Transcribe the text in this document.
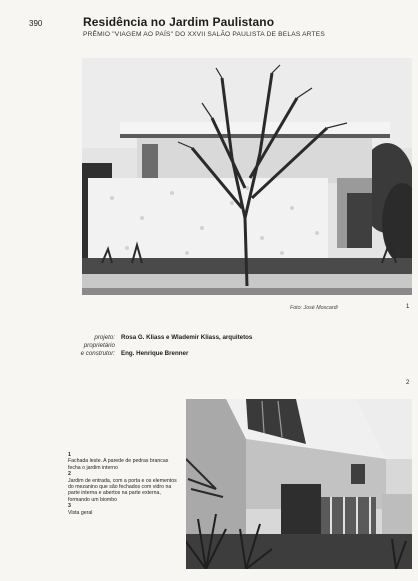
390	Residência no Jardim Paulistano
PRÊMIO "VIAGEM AO PAÍS" DO XXVII SALÃO PAULISTA DE BELAS ARTES
Foto: José Moscardi	1
2
projeto: Rosa G. Kliass e Wlademir Kliass, arquitetos
proprietário
e construtor: Eng. Henrique Brenner
1
Fachada leste. A parede de pedras brancas fecha o jardim interno
2
Jardim de entrada, com a porta e os elementos do mezanino que são fechados com vidro na parte interna e abertos na parte externa, formando um biombo
3
Vista geral
